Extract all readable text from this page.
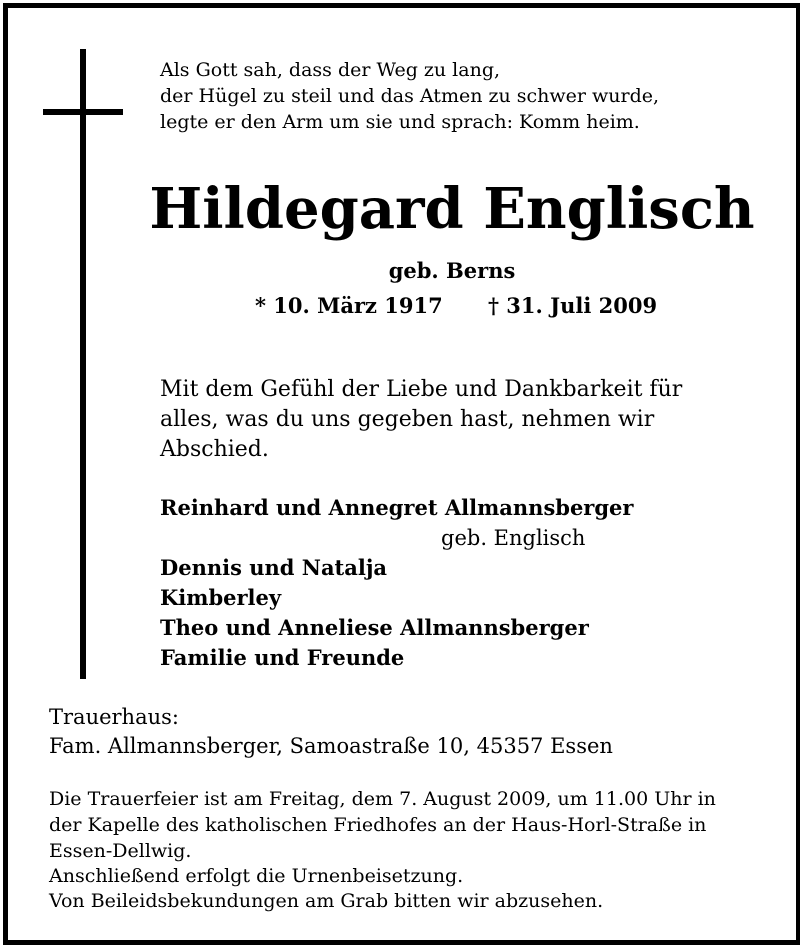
Als Gott sah, dass der Weg zu lang,
der Hügel zu steil und das Atmen zu schwer wurde,
legte er den Arm um sie und sprach: Komm heim.
Hildegard Englisch
geb. Berns
* 10. März 1917 † 31. Juli 2009
Mit dem Gefühl der Liebe und Dankbarkeit für
alles, was du uns gegeben hast, nehmen wir
Abschied.
Reinhard und Annegret Allmannsberger
geb. Englisch
Dennis und Natalja
Kimberley
Theo und Anneliese Allmannsberger
Familie und Freunde
Trauerhaus:
Fam. Allmannsberger, Samoastraße 10, 45357 Essen
Die Trauerfeier ist am Freitag, dem 7. August 2009, um 11.00 Uhr in
der Kapelle des katholischen Friedhofes an der Haus-Horl-Straße in
Essen-Dellwig.
Anschließend erfolgt die Urnenbeisetzung.
Von Beileidsbekundungen am Grab bitten wir abzusehen.
